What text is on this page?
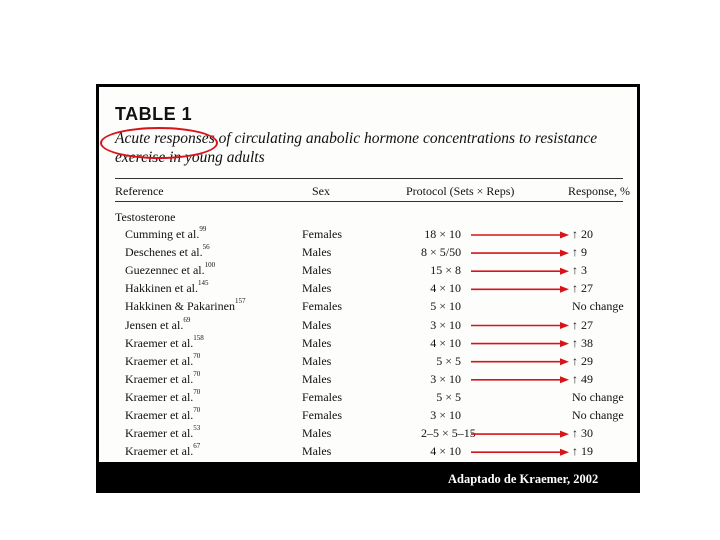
TABLE 1
Acute responses of circulating anabolic hormone concentrations to resistance exercise in young adults
Reference	Sex	Protocol (Sets × Reps)	Response, %
Testosterone
Cumming et al.$^{99}$	Females	18 × 10	↑ 20
Deschenes et al.$^{56}$	Males	8 × 5/50	↑ 9
Guezennec et al.$^{100}$	Males	15 × 8	↑ 3
Hakkinen et al.$^{145}$	Males	4 × 10	↑ 27
Hakkinen & Pakarinen$^{157}$	Females	5 × 10	No change
Jensen et al.$^{69}$	Males	3 × 10	↑ 27
Kraemer et al.$^{158}$	Males	4 × 10	↑ 38
Kraemer et al.$^{70}$	Males	5 × 5	↑ 29
Kraemer et al.$^{70}$	Males	3 × 10	↑ 49
Kraemer et al.$^{70}$	Females	5 × 5	No change
Kraemer et al.$^{70}$	Females	3 × 10	No change
Kraemer et al.$^{53}$	Males	2–5 × 5–15	↑ 30
Kraemer et al.$^{67}$	Males	4 × 10	↑ 19
Adaptado de Kraemer, 2002
